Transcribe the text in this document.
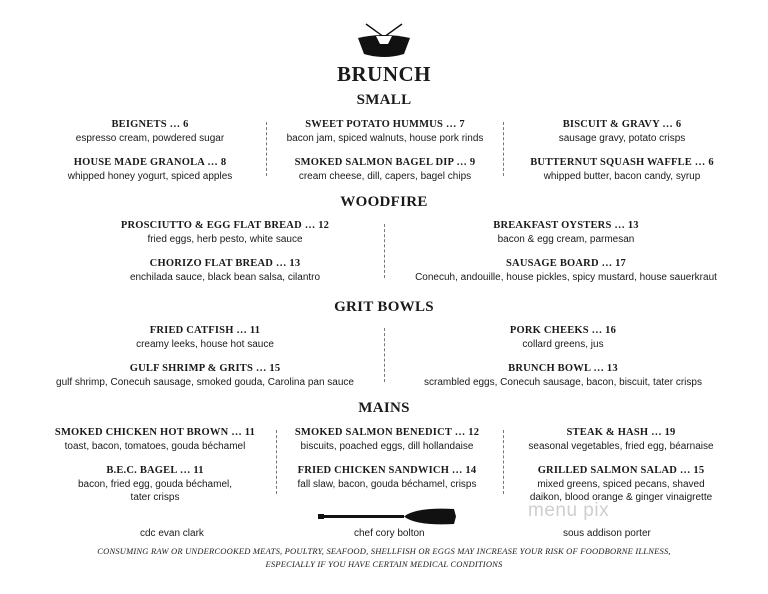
BRUNCH
SMALL
BEIGNETS … 6
espresso cream, powdered sugar
HOUSE MADE GRANOLA … 8
whipped honey yogurt, spiced apples
SWEET POTATO HUMMUS … 7
bacon jam, spiced walnuts, house pork rinds
SMOKED SALMON BAGEL DIP … 9
cream cheese, dill, capers, bagel chips
BISCUIT & GRAVY … 6
sausage gravy, potato crisps
BUTTERNUT SQUASH WAFFLE … 6
whipped butter, bacon candy, syrup
WOODFIRE
PROSCIUTTO & EGG FLAT BREAD … 12
fried eggs, herb pesto, white sauce
CHORIZO FLAT BREAD … 13
enchilada sauce, black bean salsa, cilantro
BREAKFAST OYSTERS … 13
bacon & egg cream, parmesan
SAUSAGE BOARD … 17
Conecuh, andouille, house pickles, spicy mustard, house sauerkraut
GRIT BOWLS
FRIED CATFISH … 11
creamy leeks, house hot sauce
GULF SHRIMP & GRITS … 15
gulf shrimp, Conecuh sausage, smoked gouda, Carolina pan sauce
PORK CHEEKS … 16
collard greens, jus
BRUNCH BOWL … 13
scrambled eggs, Conecuh sausage, bacon, biscuit, tater crisps
MAINS
SMOKED CHICKEN HOT BROWN … 11
toast, bacon, tomatoes, gouda béchamel
B.E.C. BAGEL … 11
bacon, fried egg, gouda béchamel,
tater crisps
SMOKED SALMON BENEDICT … 12
biscuits, poached eggs, dill hollandaise
FRIED CHICKEN SANDWICH … 14
fall slaw, bacon, gouda béchamel, crisps
STEAK & HASH … 19
seasonal vegetables, fried egg, béarnaise
GRILLED SALMON SALAD … 15
mixed greens, spiced pecans, shaved
daikon, blood orange & ginger vinaigrette
menu pix
cdc evan clark	chef cory bolton	sous addison porter
CONSUMING RAW OR UNDERCOOKED MEATS, POULTRY, SEAFOOD, SHELLFISH OR EGGS MAY INCREASE YOUR RISK OF FOODBORNE ILLNESS,
ESPECIALLY IF YOU HAVE CERTAIN MEDICAL CONDITIONS
